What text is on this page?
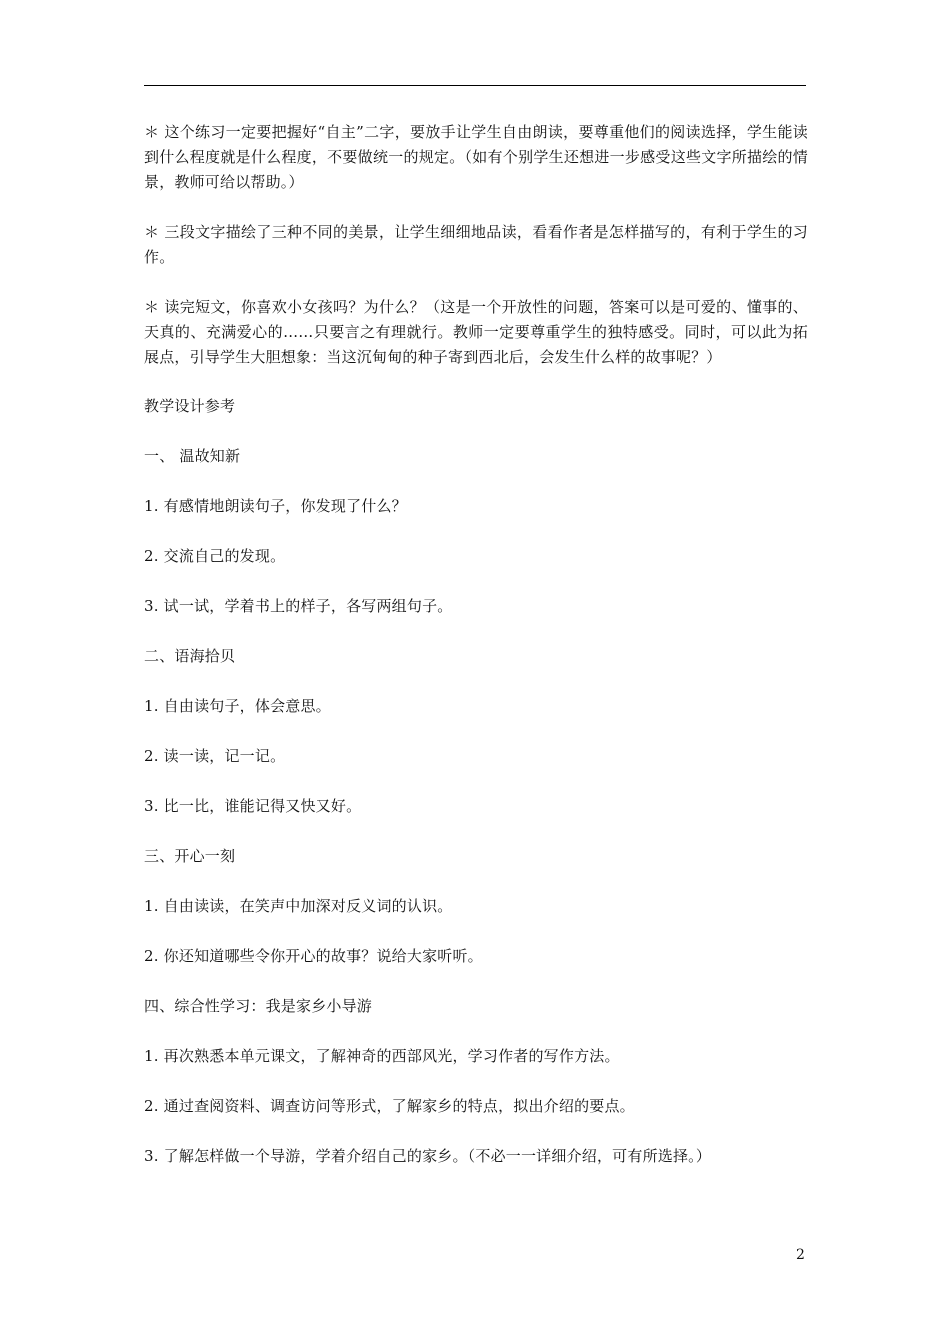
＊ 这个练习一定要把握好“自主”二字，要放手让学生自由朗读，要尊重他们的阅读选择，学生能读到什么程度就是什么程度，不要做统一的规定。（如有个别学生还想进一步感受这些文字所描绘的情景，教师可给以帮助。）

＊ 三段文字描绘了三种不同的美景，让学生细细地品读，看看作者是怎样描写的，有利于学生的习作。

＊ 读完短文，你喜欢小女孩吗？为什么？（这是一个开放性的问题，答案可以是可爱的、懂事的、天真的、充满爱心的……只要言之有理就行。教师一定要尊重学生的独特感受。同时，可以此为拓展点，引导学生大胆想象：当这沉甸甸的种子寄到西北后，会发生什么样的故事呢？）

教学设计参考

一、 温故知新

1. 有感情地朗读句子，你发现了什么？

2. 交流自己的发现。

3. 试一试，学着书上的样子，各写两组句子。

二、语海拾贝

1. 自由读句子，体会意思。

2. 读一读，记一记。

3. 比一比，谁能记得又快又好。

三、开心一刻

1. 自由读读，在笑声中加深对反义词的认识。

2. 你还知道哪些令你开心的故事？说给大家听听。

四、综合性学习：我是家乡小导游

1. 再次熟悉本单元课文，了解神奇的西部风光，学习作者的写作方法。

2. 通过查阅资料、调查访问等形式，了解家乡的特点，拟出介绍的要点。

3. 了解怎样做一个导游，学着介绍自己的家乡。（不必一一详细介绍，可有所选择。）

2
